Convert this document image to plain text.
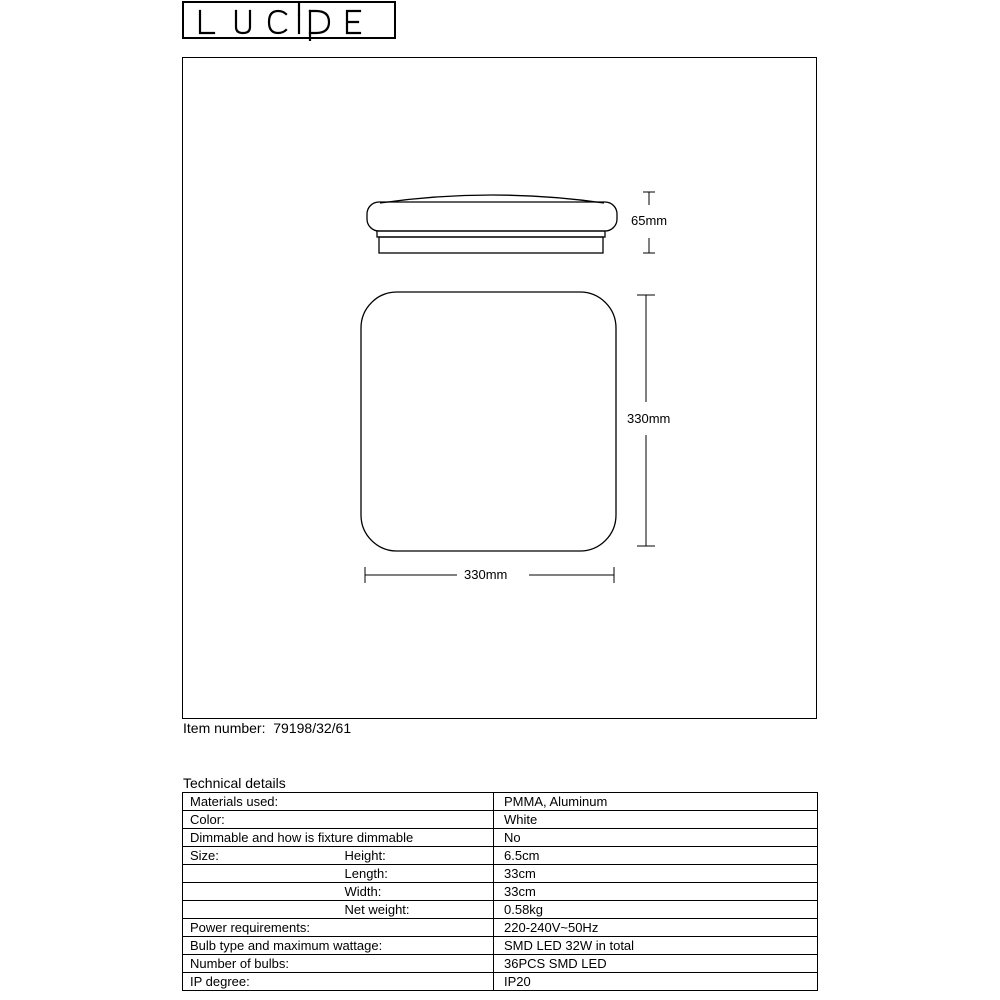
65mm
330mm
330mm
Item number: 79198/32/61
Technical details
Materials used:		PMMA, Aluminum
Color:		White
Dimmable and how is fixture dimmable		No
Size:	Height:	6.5cm
	Length:	33cm
	Width:	33cm
	Net weight:	0.58kg
Power requirements:		220-240V~50Hz
Bulb type and maximum wattage:		SMD LED 32W in total
Number of bulbs:		36PCS SMD LED
IP degree:		IP20
